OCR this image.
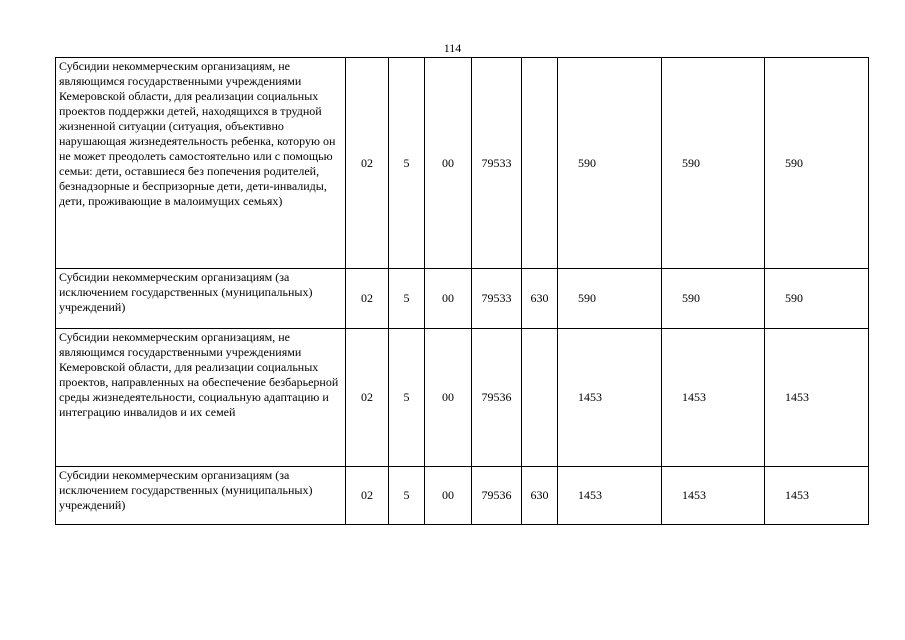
114
Субсидии некоммерческим организациям, не являющимся государственными учреждениями Кемеровской области, для реализации социальных проектов поддержки детей, находящихся в трудной жизненной ситуации (ситуация, объективно нарушающая жизнедеятельность ребенка, которую он не может преодолеть самостоятельно или с помощью семьи: дети, оставшиеся без попечения родителей, безнадзорные и беспризорные дети, дети-инвалиды, дети, проживающие в малоимущих семьях)	02	5	00	79533		590	590	590
Субсидии некоммерческим организациям (за исключением государственных (муниципальных) учреждений)	02	5	00	79533	630	590	590	590
Субсидии некоммерческим организациям, не являющимся государственными учреждениями Кемеровской области, для реализации социальных проектов, направленных на обеспечение безбарьерной среды жизнедеятельности, социальную адаптацию и интеграцию инвалидов и их семей	02	5	00	79536		1453	1453	1453
Субсидии некоммерческим организациям (за исключением государственных (муниципальных) учреждений)	02	5	00	79536	630	1453	1453	1453
